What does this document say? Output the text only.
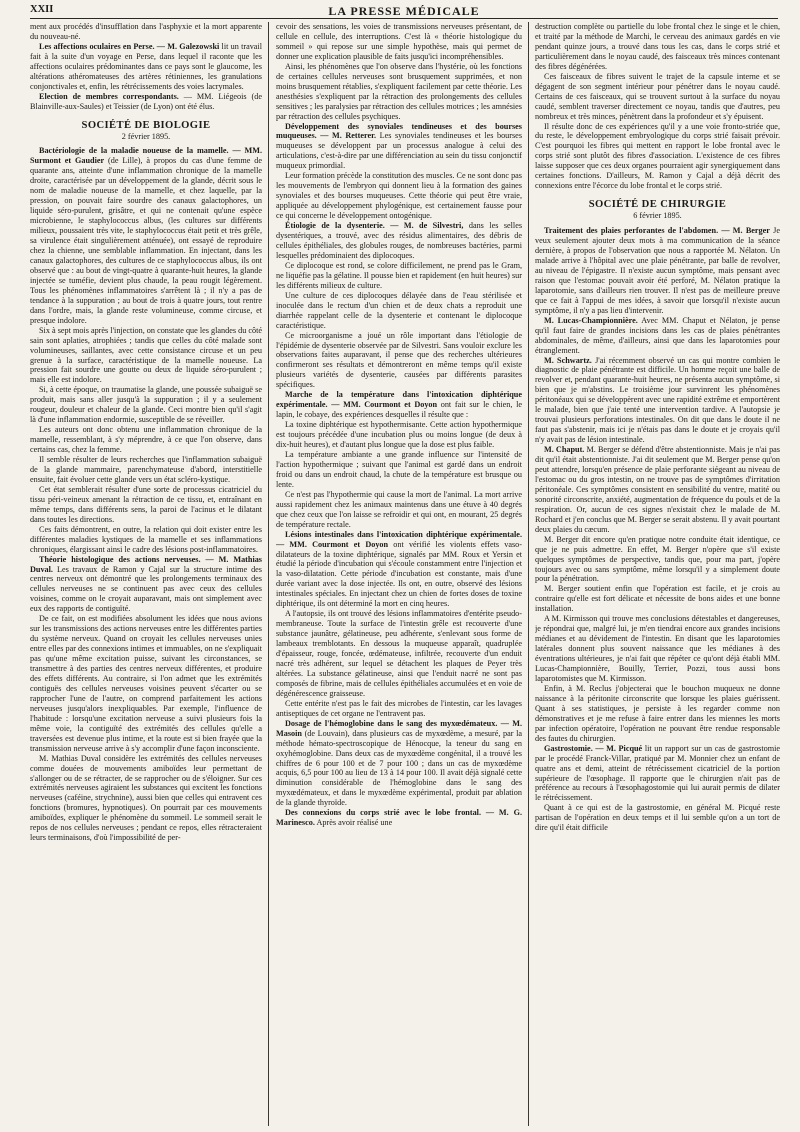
XXII	LA PRESSE MÉDICALE

ment aux procédés d'insufflation dans l'asphyxie et la mort apparente du nouveau-né.

Les affections oculaires en Perse. — M. Galezowski lit un travail fait à la suite d'un voyage en Perse, dans lequel il raconte que les affections oculaires prédominantes dans ce pays sont le glaucome, les altérations athéromateuses des artères rétiniennes, les granulations conjonctivales et, enfin, les rétrécissements des voies lacrymales.

Election de membres correspondants. — MM. Liégeois (de Blainville-aux-Saules) et Teissier (de Lyon) ont été élus.

SOCIÉTÉ DE BIOLOGIE
2 février 1895.

Bactériologie de la maladie noueuse de la mamelle. — MM. Surmont et Gaudier (de Lille), à propos du cas d'une femme de quarante ans, atteinte d'une inflammation chronique de la mamelle droite, caractérisée par un développement de la glande, décrit sous le nom de maladie noueuse de la mamelle, et chez laquelle, par la pression, on pouvait faire sourdre des canaux galactophores, un liquide séro-purulent, grisâtre, et qui ne contenait qu'une espèce microbienne, le staphylococcus albus, (les cultures sur différents milieux, poussaient très vite, le staphylococcus était petit et très grêle, sa virulence était singulièrement atténuée), ont essayé de reproduire chez la chienne, une semblable inflammation. En injectant, dans les canaux galactophores, des cultures de ce staphylococcus albus, ils ont observé que : au bout de vingt-quatre à quarante-huit heures, la glande injectée se tuméfie, devient plus chaude, la peau rougit légèrement. Tous les phénomènes inflammatoires s'arrêtent là ; il n'y a pas de tendance à la suppuration ; au bout de trois à quatre jours, tout rentre dans l'ordre, mais, la glande reste volumineuse, comme circuse, et presque indolore.

Six à sept mois après l'injection, on constate que les glandes du côté sain sont aplaties, atrophiées ; tandis que celles du côté malade sont volumineuses, saillantes, avec cette consistance circuse et un peu grenue à la surface, caractéristique de la mamelle noueuse. La pression fait sourdre une goutte ou deux de liquide séro-purulent ; mais elle est indolore.

Si, à cette époque, on traumatise la glande, une poussée subaiguë se produit, mais sans aller jusqu'à la suppuration ; il y a seulement rougeur, douleur et chaleur de la glande. Ceci montre bien qu'il s'agit là d'une inflammation endormie, susceptible de se réveiller.

Les auteurs ont donc obtenu une inflammation chronique de la mamelle, ressemblant, à s'y méprendre, à ce que l'on observe, dans certains cas, chez la femme.

Il semble résulter de leurs recherches que l'inflammation subaiguë de la glande mammaire, parenchymateuse d'abord, interstitielle ensuite, fait évoluer cette glande vers un état scléro-kystique.

Cet état semblerait résulter d'une sorte de processus cicatriciel du tissu péri-veineux amenant la rétraction de ce tissu, et, entraînant en même temps, dans différents sens, la paroi de l'acinus et le dilatant dans toutes les directions.

Ces faits démontrent, en outre, la relation qui doit exister entre les différentes maladies kystiques de la mamelle et ses inflammations chroniques, élargissant ainsi le cadre des lésions post-inflammatoires.

Théorie histologique des actions nerveuses. — M. Mathias Duval. Les travaux de Ramon y Cajal sur la structure intime des centres nerveux ont démontré que les prolongements terminaux des cellules nerveuses ne se continuent pas avec ceux des cellules voisines, comme on le croyait auparavant, mais ont simplement avec eux des rapports de contiguïté.

De ce fait, on est modifiées absolument les idées que nous avions sur les transmissions des actions nerveuses entre les différentes parties du système nerveux. Quand on croyait les cellules nerveuses unies entre elles par des connexions intimes et immuables, on ne s'expliquait pas qu'une même excitation puisse, suivant les circonstances, se transmettre à des parties des centres nerveux différentes, et produire des effets différents. Au contraire, si l'on admet que les extrémités contiguës des cellules nerveuses voisines peuvent s'écarter ou se rapprocher l'une de l'autre, on comprend parfaitement les actions nerveuses jusqu'alors inexpliquables. Par exemple, l'influence de l'habitude : lorsqu'une excitation nerveuse a suivi plusieurs fois la même voie, la contiguïté des extrémités des cellules qu'elle a traversées est devenue plus intime, et la route est si bien frayée que la transmission nerveuse arrive à s'y accomplir d'une façon inconsciente.

M. Mathias Duval considère les extrémités des cellules nerveuses comme douées de mouvements amiboïdes leur permettant de s'allonger ou de se rétracter, de se rapprocher ou de s'éloigner. Sur ces extrémités nerveuses agiraient les substances qui excitent les fonctions nerveuses (caféine, strychnine), aussi bien que celles qui entravent ces fonctions (bromures, hypnotiques). On pourrait par ces mouvements amiboïdes, expliquer le phénomène du sommeil. Le sommeil serait le repos de nos cellules nerveuses ; pendant ce repos, elles rétracteraient leurs terminaisons, d'où l'impossibilité de per-

cevoir des sensations, les voies de transmissions nerveuses présentant, de cellule en cellule, des interruptions. C'est là « théorie histologique du sommeil » qui repose sur une simple hypothèse, mais qui permet de donner une explication plausible de faits jusqu'ici incompréhensibles.

Ainsi, les phénomènes que l'on observe dans l'hystérie, où les fonctions de certaines cellules nerveuses sont brusquement supprimées, et non moins brusquement rétablies, s'expliquent facilement par cette théorie. Les anesthésies s'expliquent par la rétraction des prolongements des cellules sensitives ; les paralysies par rétraction des cellules motrices ; les amnésies par rétraction des cellules psychiques.

Développement des synoviales tendineuses et des bourses muqueuses. — M. Retterer. Les synoviales tendineuses et les bourses muqueuses se développent par un processus analogue à celui des articulations, c'est-à-dire par une différenciation au sein du tissu conjonctif muqueux primordial.

Leur formation précède la constitution des muscles. Ce ne sont donc pas les mouvements de l'embryon qui donnent lieu à la formation des gaines synoviales et des bourses muqueuses. Cette théorie qui peut être vraie, appliquée au développement phylogénique, est certainement fausse pour ce qui concerne le développement ontogénique.

Étiologie de la dysenterie. — M. de Silvestri, dans les selles dysentériques, a trouvé, avec des résidus alimentaires, des débris de cellules épithéliales, des globules rouges, de nombreuses bactéries, parmi lesquelles prédominaient des diplocoques.

Ce diplocoque est rond, se colore difficilement, ne prend pas le Gram, ne liquéfie pas la gélatine. Il pousse bien et rapidement (en huit heures) sur les différents milieux de culture.

Une culture de ces diplocoques délayée dans de l'eau stérilisée et inoculée dans le rectum d'un chien et de deux chats a reproduit une diarrhée rappelant celle de la dysenterie et contenant le diplocoque caractéristique.

Ce microorganisme a joué un rôle important dans l'étiologie de l'épidémie de dysenterie observée par de Silvestri. Sans vouloir exclure les observations faites auparavant, il pense que des recherches ultérieures confirmeront ses résultats et démontreront en même temps qu'il existe plusieurs variétés de dysenterie, causées par différents parasites spécifiques.

Marche de la température dans l'intoxication diphtérique expérimentale. — MM. Courmont et Doyon ont fait sur le chien, le lapin, le cobaye, des expériences desquelles il résulte que :

La toxine diphtérique est hypothermisante. Cette action hypothermique est toujours précédée d'une incubation plus ou moins longue (de deux à dix-huit heures), et d'autant plus longue que la dose est plus faible.

La température ambiante a une grande influence sur l'intensité de l'action hypothermique ; suivant que l'animal est gardé dans un endroit froid ou dans un endroit chaud, la chute de la température est brusque ou lente.

Ce n'est pas l'hypothermie qui cause la mort de l'animal. La mort arrive aussi rapidement chez les animaux maintenus dans une étuve à 40 degrés que chez ceux que l'on laisse se refroidir et qui ont, en mourant, 25 degrés de température rectale.

Lésions intestinales dans l'intoxication diphtérique expérimentale. — MM. Courmont et Doyon ont vérifié les violents effets vaso-dilatateurs de la toxine diphtérique, signalés par MM. Roux et Yersin et étudié la période d'incubation qui s'écoule constamment entre l'injection et la vaso-dilatation. Cette période d'incubation est constante, mais d'une durée variant avec la dose injectée. Ils ont, en outre, observé des lésions intestinales spéciales. En injectant chez un chien de fortes doses de toxine diphtérique, ils ont déterminé la mort en cinq heures.

A l'autopsie, ils ont trouvé des lésions inflammatoires d'entérite pseudo-membraneuse. Toute la surface de l'intestin grêle est recouverte d'une substance jaunâtre, gélatineuse, peu adhérente, s'enlevant sous forme de lambeaux tremblotants. En dessous la muqueuse apparaît, quadruplée d'épaisseur, rouge, foncée, œdémateuse, infiltrée, recouverte d'un enduit nacré très adhérent, sur lequel se détachent les plaques de Peyer très altérées. La substance gélatineuse, ainsi que l'enduit nacré ne sont pas composés de fibrine, mais de cellules épithéliales accumulées et en voie de dégénérescence graisseuse.

Cette entérite n'est pas le fait des microbes de l'intestin, car les lavages antiseptiques de cet organe ne l'entravent pas.

Dosage de l'hémoglobine dans le sang des myxœdémateux. — M. Masoin (de Louvain), dans plusieurs cas de myxœdème, a mesuré, par la méthode hémato-spectroscopique de Hénocque, la teneur du sang en oxyhémoglobine. Dans deux cas de myxœdème congénital, il a trouvé les chiffres de 6 pour 100 et de 7 pour 100 ; dans un cas de myxœdème acquis, 6,5 pour 100 au lieu de 13 à 14 pour 100. Il avait déjà signalé cette diminution considérable de l'hémoglobine dans le sang des myxœdémateux, et dans le myxœdème expérimental, produit par ablation de la glande thyroïde.

Des connexions du corps strié avec le lobe frontal. — M. G. Marinesco. Après avoir réalisé une

destruction complète ou partielle du lobe frontal chez le singe et le chien, et traité par la méthode de Marchi, le cerveau des animaux gardés en vie pendant quinze jours, a trouvé dans tous les cas, dans le corps strié et particulièrement dans le noyau caudé, des faisceaux très minces contenant des fibres dégénérées.

Ces faisceaux de fibres suivent le trajet de la capsule interne et se dégagent de son segment intérieur pour pénétrer dans le noyau caudé. Certains de ces faisceaux, qui se trouvent surtout à la surface du noyau caudé, semblent traverser directement ce noyau, tandis que d'autres, peu nombreux et très minces, pénètrent dans la profondeur et s'y épuisent.

Il résulte donc de ces expériences qu'il y a une voie fronto-striée que, du reste, le développement embryologique du corps strié faisait prévoir. C'est pourquoi les fibres qui mettent en rapport le lobe frontal avec le corps strié sont plutôt des fibres d'association. L'existence de ces fibres laisse supposer que ces deux organes pourraient agir synergiquement dans certaines fonctions. D'ailleurs, M. Ramon y Cajal a déjà décrit des connexions entre l'écorce du lobe frontal et le corps strié.

SOCIÉTÉ DE CHIRURGIE
6 février 1895.

Traitement des plaies perforantes de l'abdomen. — M. Berger Je veux seulement ajouter deux mots à ma communication de la séance dernière, à propos de l'observation que nous a rapportée M. Nélaton. Un malade arrive à l'hôpital avec une plaie pénétrante, par balle de revolver, au niveau de l'épigastre. Il n'existe aucun symptôme, mais pensant avec raison que l'estomac pouvait avoir été perforé, M. Nélaton pratique la laparotomie, sans d'ailleurs rien trouver. Il n'est pas de meilleure preuve que ce fait à l'appui de mes idées, à savoir que lorsqu'il n'existe aucun symptôme, il n'y a pas lieu d'intervenir.

M. Lucas-Championnière. Avec MM. Chaput et Nélaton, je pense qu'il faut faire de grandes incisions dans les cas de plaies pénétrantes abdominales, de même, d'ailleurs, ainsi que dans les laparotomies pour étranglement.

M. Schwartz. J'ai récemment observé un cas qui montre combien le diagnostic de plaie pénétrante est difficile. Un homme reçoit une balle de revolver et, pendant quarante-huit heures, ne présenta aucun symptôme, si bien que je m'abstins. Le troisième jour survinrent les phénomènes péritonéaux qui se développèrent avec une rapidité extrême et emportèrent le malade, bien que j'aie tenté une intervention tardive. A l'autopsie je trouvai plusieurs perforations intestinales. On dit que dans le doute il ne faut pas s'abstenir, mais ici je n'étais pas dans le doute et je croyais qu'il n'y avait pas de lésion intestinale.

M. Chaput. M. Berger se défend d'être abstentionniste. Mais je n'ai pas dit qu'il était abstentionniste. J'ai dit seulement que M. Berger pense qu'on peut attendre, lorsqu'en présence de plaie perforante siégeant au niveau de l'estomac ou du gros intestin, on ne trouve pas de symptômes d'irritation péritonéale. Ces symptômes consistent en sensibilité du ventre, matité ou sonorité circonscrite, anxiété, augmentation de fréquence du pouls et de la respiration. Or, aucun de ces signes n'existait chez le malade de M. Rochard et j'en conclus que M. Berger se serait abstenu. Il y avait pourtant deux plaies du cæcum.

M. Berger dit encore qu'en pratique notre conduite était identique, ce que je ne puis admettre. En effet, M. Berger n'opère que s'il existe quelques symptômes de perspective, tandis que, pour ma part, j'opère toujours avec ou sans symptôme, même lorsqu'il y a simplement doute pour la pénétration.

M. Berger soutient enfin que l'opération est facile, et je crois au contraire qu'elle est fort délicate et nécessite de bons aides et une bonne installation.

A M. Kirmisson qui trouve mes conclusions détestables et dangereuses, je répondrai que, malgré lui, je m'en tiendrai encore aux grandes incisions médianes et au dévidement de l'intestin. En disant que les laparotomies latérales donnent plus souvent naissance que les médianes à des éventrations ultérieures, je n'ai fait que répéter ce qu'ont déjà établi MM. Lucas-Championnière, Bouilly, Terrier, Pozzi, tous aussi bons laparotomistes que M. Kirmisson.

Enfin, à M. Reclus j'objecterai que le bouchon muqueux ne donne naissance à la péritonite circonscrite que lorsque les plaies guérissent. Quant à ses statistiques, je persiste à les regarder comme non démonstratives et je me refuse à faire entrer dans les miennes les morts par infection opératoire, l'opération ne pouvant être rendue responsable des fautes du chirurgien.

Gastrostomie. — M. Picqué lit un rapport sur un cas de gastrostomie par le procédé Franck-Villar, pratiqué par M. Monnier chez un enfant de quatre ans et demi, atteint de rétrécissement cicatriciel de la portion supérieure de l'œsophage. Il rapporte que le chirurgien n'ait pas de préférence au recours à l'œsophagostomie qui lui aurait permis de dilater le rétrécissement.

Quant à ce qui est de la gastrostomie, en général M. Picqué reste partisan de l'opération en deux temps et il lui semble qu'on a un tort de dire qu'il était difficile
